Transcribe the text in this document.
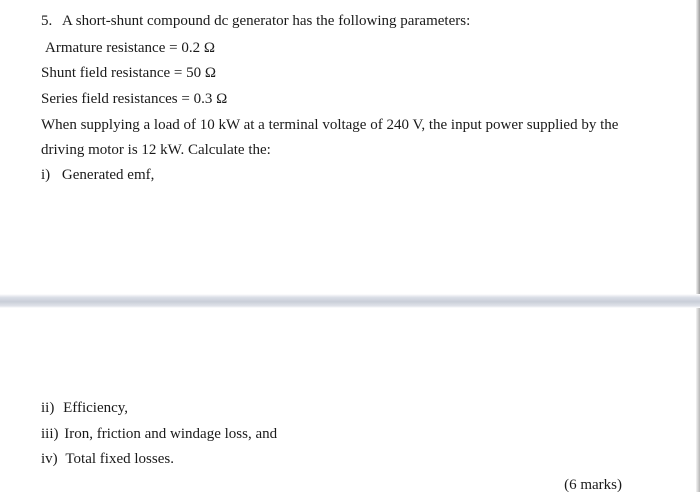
5. A short-shunt compound dc generator has the following parameters:
Armature resistance = 0.2 Ω
Shunt field resistance = 50 Ω
Series field resistances = 0.3 Ω
When supplying a load of 10 kW at a terminal voltage of 240 V, the input power supplied by the
driving motor is 12 kW. Calculate the:
i) Generated emf,
ii) Efficiency,
iii) Iron, friction and windage loss, and
iv) Total fixed losses.
(6 marks)
